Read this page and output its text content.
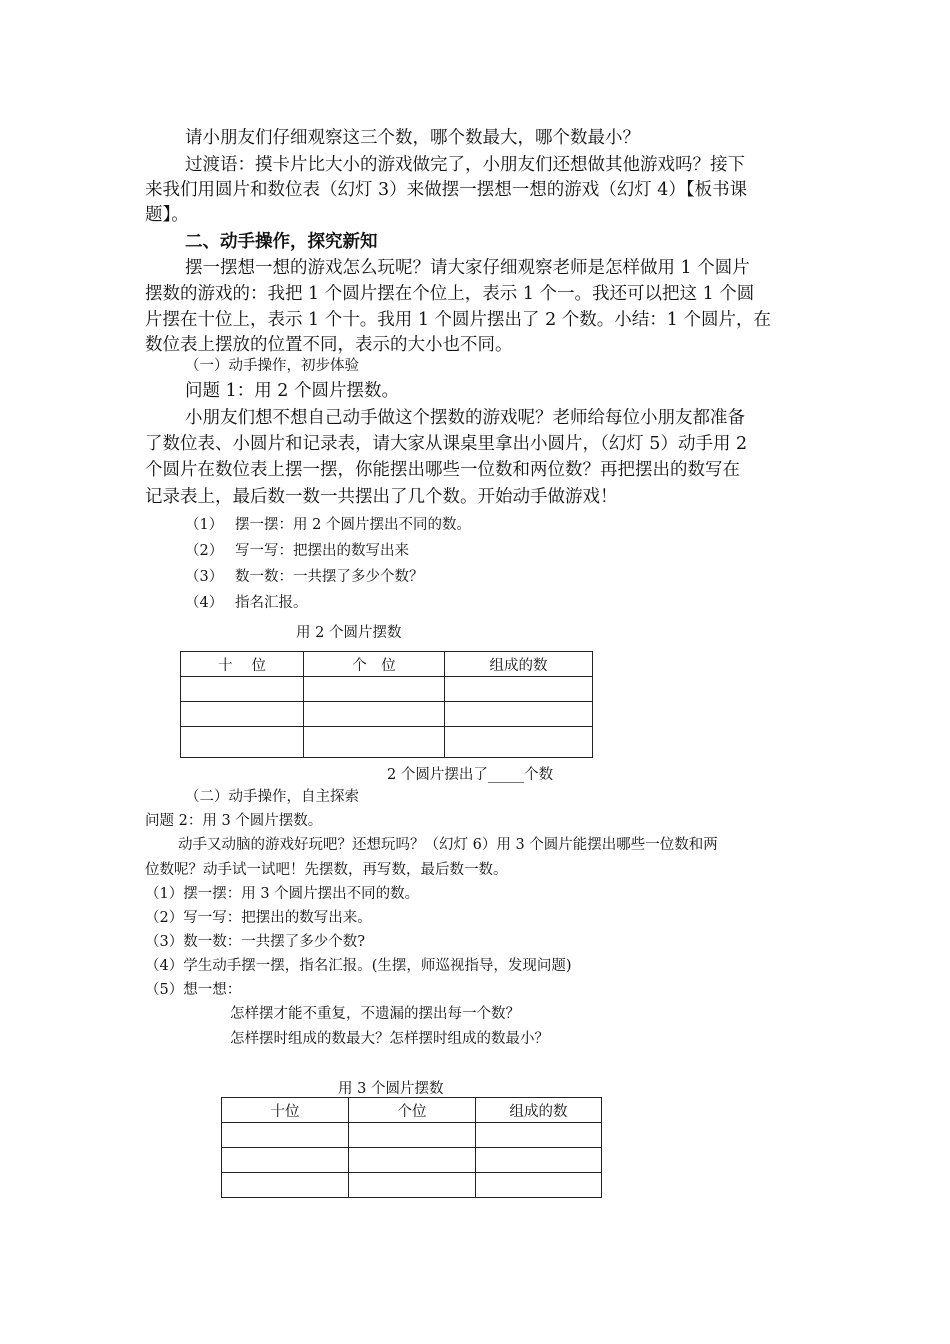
请小朋友们仔细观察这三个数，哪个数最大，哪个数最小？
过渡语：摸卡片比大小的游戏做完了，小朋友们还想做其他游戏吗？接下
来我们用圆片和数位表（幻灯 3）来做摆一摆想一想的游戏（幻灯 4）【板书课
题】。
二、动手操作，探究新知
摆一摆想一想的游戏怎么玩呢？请大家仔细观察老师是怎样做用 1 个圆片
摆数的游戏的：我把 1 个圆片摆在个位上，表示 1 个一。我还可以把这 1 个圆
片摆在十位上，表示 1 个十。我用 1 个圆片摆出了 2 个数。小结：1 个圆片，在
数位表上摆放的位置不同，表示的大小也不同。
（一）动手操作，初步体验
问题 1：用 2 个圆片摆数。
小朋友们想不想自己动手做这个摆数的游戏呢？老师给每位小朋友都准备
了数位表、小圆片和记录表，请大家从课桌里拿出小圆片，（幻灯 5）动手用 2
个圆片在数位表上摆一摆，你能摆出哪些一位数和两位数？再把摆出的数写在
记录表上，最后数一数一共摆出了几个数。开始动手做游戏！
（1） 摆一摆：用 2 个圆片摆出不同的数。
（2） 写一写：把摆出的数写出来
（3） 数一数：一共摆了多少个数？
（4） 指名汇报。
用 2 个圆片摆数
十　 位	个　位	组成的数

2 个圆片摆出了_____个数
（二）动手操作，自主探索
问题 2：用 3 个圆片摆数。
动手又动脑的游戏好玩吧？还想玩吗？（幻灯 6）用 3 个圆片能摆出哪些一位数和两
位数呢？动手试一试吧！先摆数，再写数，最后数一数。
（1）摆一摆：用 3 个圆片摆出不同的数。
（2）写一写：把摆出的数写出来。
（3）数一数：一共摆了多少个数?
（4）学生动手摆一摆，指名汇报。(生摆，师巡视指导，发现问题)
（5）想一想：
怎样摆才能不重复，不遗漏的摆出每一个数？
怎样摆时组成的数最大？怎样摆时组成的数最小？
用 3 个圆片摆数
十位	个位	组成的数
